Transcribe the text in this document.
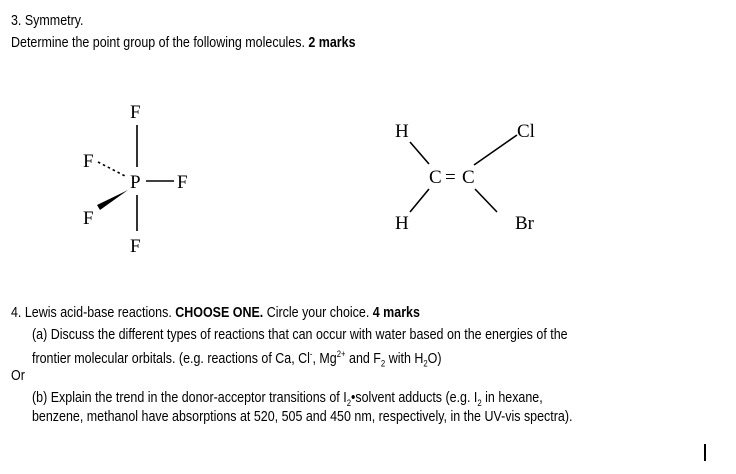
3. Symmetry.
Determine the point group of the following molecules. 2 marks
F
F
P F
F
F
H	Cl
C = C
H	Br
4. Lewis acid-base reactions. CHOOSE ONE. Circle your choice. 4 marks
(a) Discuss the different types of reactions that can occur with water based on the energies of the
frontier molecular orbitals. (e.g. reactions of Ca, Cl-, $Mg^{2+}$ and $F_2$ with $H_2O$)
Or
(b) Explain the trend in the donor-acceptor transitions of $I_2•solvent$ adducts (e.g. $I_2$ in hexane,
benzene, methanol have absorptions at 520, 505 and 450 nm, respectively, in the UV-vis spectra).
